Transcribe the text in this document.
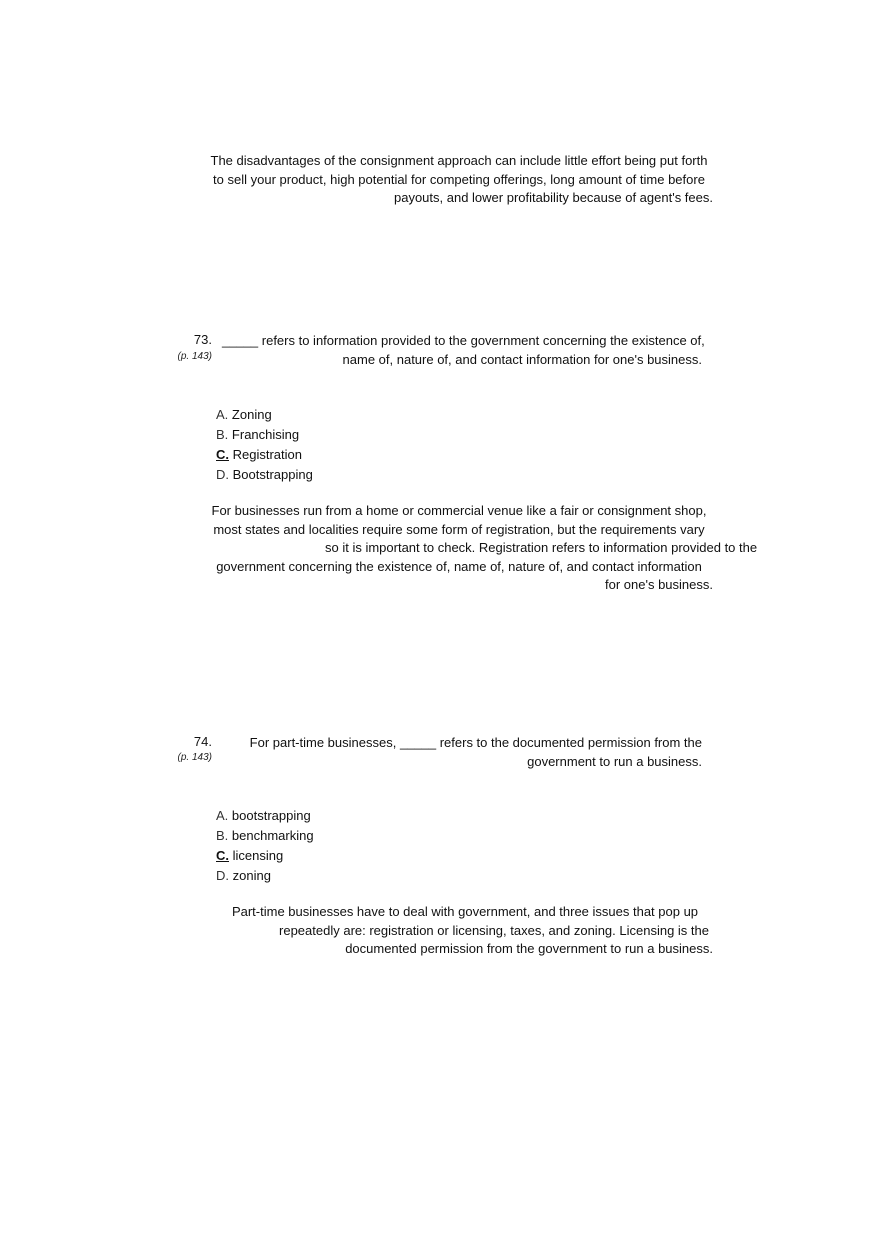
The disadvantages of the consignment approach can include little effort being put forth
to sell your product, high potential for competing offerings, long amount of time before
payouts, and lower profitability because of agent's fees.
73.
(p. 143)
_____ refers to information provided to the government concerning the existence of,
name of, nature of, and contact information for one's business.
A. Zoning
B. Franchising
C. Registration
D. Bootstrapping
For businesses run from a home or commercial venue like a fair or consignment shop,
most states and localities require some form of registration, but the requirements vary
so it is important to check. Registration refers to information provided to the
government concerning the existence of, name of, nature of, and contact information
for one's business.
74.
(p. 143)
For part-time businesses, _____ refers to the documented permission from the
government to run a business.
A. bootstrapping
B. benchmarking
C. licensing
D. zoning
Part-time businesses have to deal with government, and three issues that pop up
repeatedly are: registration or licensing, taxes, and zoning. Licensing is the
documented permission from the government to run a business.
